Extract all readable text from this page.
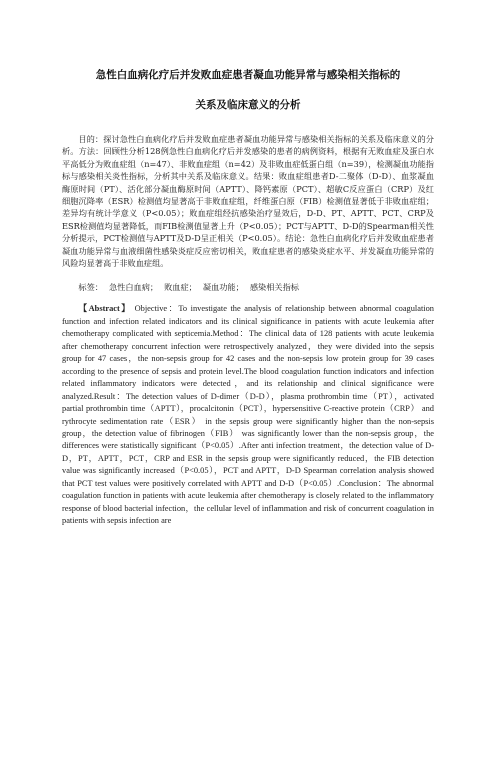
急性白血病化疗后并发败血症患者凝血功能异常与感染相关指标的
关系及临床意义的分析

目的：探讨急性白血病化疗后并发败血症患者凝血功能异常与感染相关指标的关系及临床意义的分析。方法：回顾性分析128例急性白血病化疗后并发感染的患者的病例资料，根据有无败血症及蛋白水平高低分为败血症组（n=47）、非败血症组（n=42）及非败血症低蛋白组（n=39），检测凝血功能指标与感染相关炎性指标，分析其中关系及临床意义。结果：败血症组患者D-二聚体（D-D）、血浆凝血酶原时间（PT）、活化部分凝血酶原时间（APTT）、降钙素原（PCT）、超敏C反应蛋白（CRP）及红细胞沉降率（ESR）检测值均显著高于非败血症组，纤维蛋白原（FIB）检测值显著低于非败血症组；差异均有统计学意义（P<0.05）；败血症组经抗感染治疗显效后，D-D、PT、APTT、PCT、CRP及ESR检测值均显著降低，而FIB检测值显著上升（P<0.05）；PCT与APTT、D-D的Spearman相关性分析提示，PCT检测值与APTT及D-D呈正相关（P<0.05）。结论：急性白血病化疗后并发败血症患者凝血功能异常与血液细菌性感染炎症反应密切相关，败血症患者的感染炎症水平、并发凝血功能异常的风险均显著高于非败血症组。

标签： 急性白血病； 败血症； 凝血功能； 感染相关指标

【Abstract】 Objective：To investigate the analysis of relationship between abnormal coagulation function and infection related indicators and its clinical significance in patients with acute leukemia after chemotherapy complicated with septicemia.Method：The clinical data of 128 patients with acute leukemia after chemotherapy concurrent infection were retrospectively analyzed，they were divided into the sepsis group for 47 cases，the non-sepsis group for 42 cases and the non-sepsis low protein group for 39 cases according to the presence of sepsis and protein level.The blood coagulation function indicators and infection related inflammatory indicators were detected，and its relationship and clinical significance were analyzed.Result：The detection values of D-dimer（D-D），plasma prothrombin time（PT），activated partial prothrombin time（APTT），procalcitonin（PCT），hypersensitive C-reactive protein（CRP） and rythrocyte sedimentation rate（ESR） in the sepsis group were significantly higher than the non-sepsis group，the detection value of fibrinogen（FIB） was significantly lower than the non-sepsis group，the differences were statistically significant（P<0.05）.After anti infection treatment，the detection value of D-D，PT，APTT，PCT，CRP and ESR in the sepsis group were significantly reduced，the FIB detection value was significantly increased（P<0.05），PCT and APTT，D-D Spearman correlation analysis showed that PCT test values were positively correlated with APTT and D-D（P<0.05）.Conclusion：The abnormal coagulation function in patients with acute leukemia after chemotherapy is closely related to the inflammatory response of blood bacterial infection，the cellular level of inflammation and risk of concurrent coagulation in patients with sepsis infection are
